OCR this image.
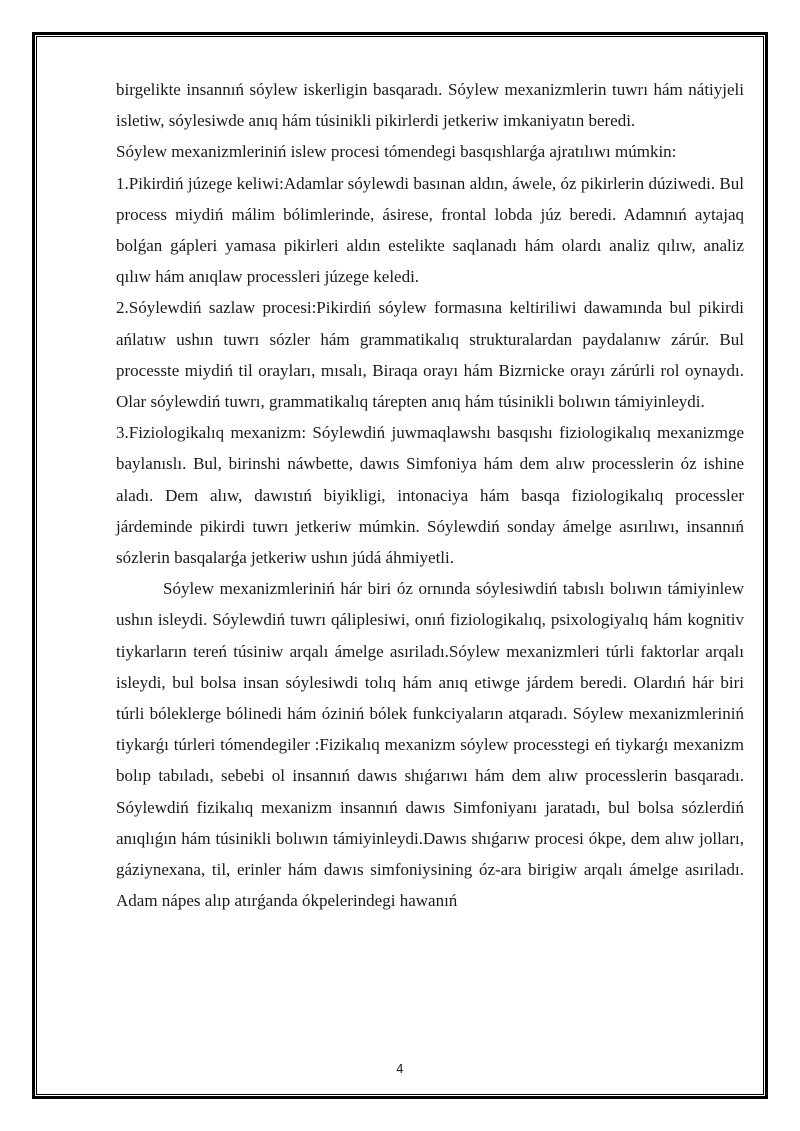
birgelikte insannıń sóylew iskerligin basqaradı. Sóylew mexanizmlerin tuwrı hám nátiyjeli isletiw, sóylesiwde anıq hám túsinikli pikirlerdi jetkeriw imkaniyatın beredi.

Sóylew mexanizmleriniń islew procesi tómendegi basqıshlarǵa ajratılıwı múmkin:

1.Pikirdiń júzege keliwi:Adamlar sóylewdi basınan aldın, áwele, óz pikirlerin dúziwedi. Bul process miydiń málim bólimlerinde, ásirese, frontal lobda júz beredi. Adamnıń aytajaq bolǵan gápleri yamasa pikirleri aldın estelikte saqlanadı hám olardı analiz qılıw, analiz qılıw hám anıqlaw processleri júzege keledi.

2.Sóylewdiń sazlaw procesi:Pikirdiń sóylew formasına keltiriliwi dawamında bul pikirdi ańlatıw ushın tuwrı sózler hám grammatikalıq strukturalardan paydalanıw zárúr. Bul processte miydiń til orayları, mısalı, Biraqa orayı hám Bizrnicke orayı zárúrli rol oynaydı. Olar sóylewdiń tuwrı, grammatikalıq tárepten anıq hám túsinikli bolıwın támiyinleydi.

3.Fiziologikalıq mexanizm: Sóylewdiń juwmaqlawshı basqıshı fiziologikalıq mexanizmge baylanıslı. Bul, birinshi náwbette, dawıs Simfoniya hám dem alıw processlerin óz ishine aladı. Dem alıw, dawıstıń biyikligi, intonaciya hám basqa fiziologikalıq processler járdeminde pikirdi tuwrı jetkeriw múmkin. Sóylewdiń sonday ámelge asırılıwı, insannıń sózlerin basqalarǵa jetkeriw ushın júdá áhmiyetli.

Sóylew mexanizmleriniń hár biri óz ornında sóylesiwdiń tabıslı bolıwın támiyinlew ushın isleydi. Sóylewdiń tuwrı qáliplesiwi, onıń fiziologikalıq, psixologiyalıq hám kognitiv tiykarların tereń túsiniw arqalı ámelge asıriladı.Sóylew mexanizmleri túrli faktorlar arqalı isleydi, bul bolsa insan sóylesiwdi tolıq hám anıq etiwge járdem beredi. Olardıń hár biri túrli bóleklerge bólinedi hám óziniń bólek funkciyaların atqaradı. Sóylew mexanizmleriniń tiykarǵı túrleri tómendegiler :Fizikalıq mexanizm sóylew processtegi eń tiykarǵı mexanizm bolıp tabıladı, sebebi ol insannıń dawıs shıǵarıwı hám dem alıw processlerin basqaradı. Sóylewdiń fizikalıq mexanizm insannıń dawıs Simfoniyanı jaratadı, bul bolsa sózlerdiń anıqlıǵın hám túsinikli bolıwın támiyinleydi.Dawıs shıǵarıw procesi ókpe, dem alıw jolları, gáziynexana, til, erinler hám dawıs simfoniysining óz-ara birigiw arqalı ámelge asıriladı. Adam nápes alıp atırǵanda ókpelerindegi hawanıń

4
